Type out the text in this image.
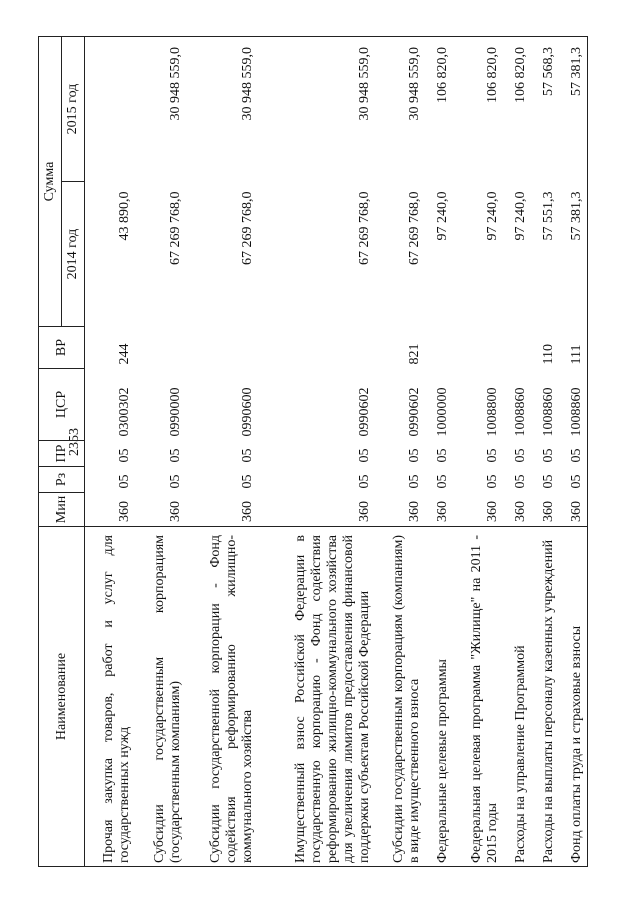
2353
Наименование	Мин	Рз	ПР	ЦСР	ВР	Сумма	
						2014 год	2015 год
Прочая закупка товаров, работ и услуг для государственных нужд	360	05	05	0300302	244	43 890,0	
Субсидии государственным корпорациям (государственным компаниям)	360	05	05	0990000		67 269 768,0	30 948 559,0
Субсидии государственной корпорации - Фонд содействия реформированию жилищно-коммунального хозяйства	360	05	05	0990600		67 269 768,0	30 948 559,0
Имущественный взнос Российской Федерации в государственную корпорацию - Фонд содействия реформированию жилищно-коммунального хозяйства для увеличения лимитов предоставления финансовой поддержки субъектам Российской Федерации	360	05	05	0990602		67 269 768,0	30 948 559,0
Субсидии государственным корпорациям (компаниям) в виде имущественного взноса	360	05	05	0990602	821	67 269 768,0	30 948 559,0
Федеральные целевые программы	360	05	05	1000000		97 240,0	106 820,0
Федеральная целевая программа "Жилище" на 2011 - 2015 годы	360	05	05	1008800		97 240,0	106 820,0
Расходы на управление Программой	360	05	05	1008860		97 240,0	106 820,0
Расходы на выплаты персоналу казенных учреждений	360	05	05	1008860	110	57 551,3	57 568,3
Фонд оплаты труда и страховые взносы	360	05	05	1008860	111	57 381,3	57 381,3
